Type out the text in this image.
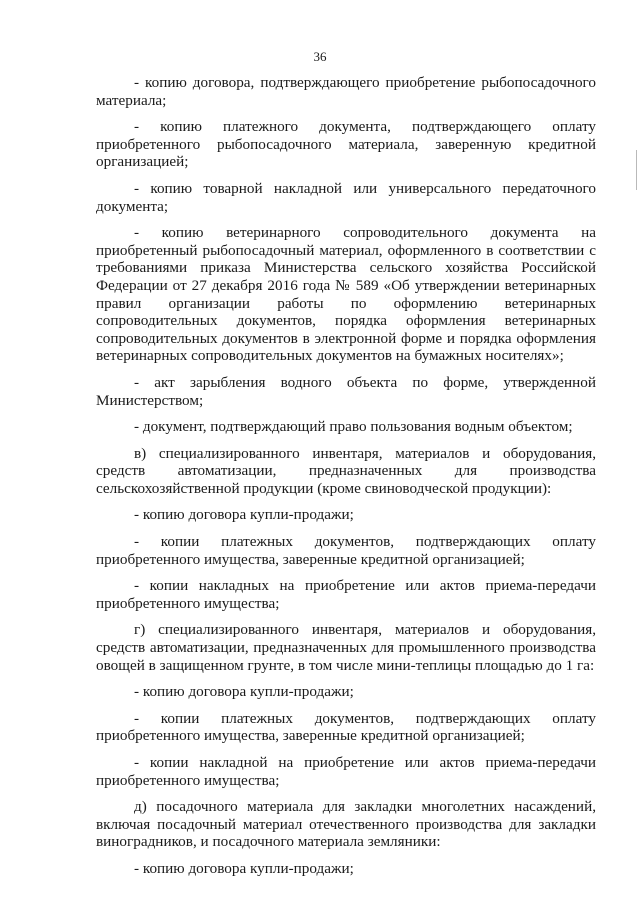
36

- копию договора, подтверждающего приобретение рыбопосадочного материала;

- копию платежного документа, подтверждающего оплату приобретенного рыбопосадочного материала, заверенную кредитной организацией;

- копию товарной накладной или универсального передаточного документа;

- копию ветеринарного сопроводительного документа на приобретенный рыбопосадочный материал, оформленного в соответствии с требованиями приказа Министерства сельского хозяйства Российской Федерации от 27 декабря 2016 года № 589 «Об утверждении ветеринарных правил организации работы по оформлению ветеринарных сопроводительных документов, порядка оформления ветеринарных сопроводительных документов в электронной форме и порядка оформления ветеринарных сопроводительных документов на бумажных носителях»;

- акт зарыбления водного объекта по форме, утвержденной Министерством;

- документ, подтверждающий право пользования водным объектом;

в) специализированного инвентаря, материалов и оборудования, средств автоматизации, предназначенных для производства сельскохозяйственной продукции (кроме свиноводческой продукции):

- копию договора купли-продажи;

- копии платежных документов, подтверждающих оплату приобретенного имущества, заверенные кредитной организацией;

- копии накладных на приобретение или актов приема-передачи приобретенного имущества;

г) специализированного инвентаря, материалов и оборудования, средств автоматизации, предназначенных для промышленного производства овощей в защищенном грунте, в том числе мини-теплицы площадью до 1 га:

- копию договора купли-продажи;

- копии платежных документов, подтверждающих оплату приобретенного имущества, заверенные кредитной организацией;

- копии накладной на приобретение или актов приема-передачи приобретенного имущества;

д) посадочного материала для закладки многолетних насаждений, включая посадочный материал отечественного производства для закладки виноградников, и посадочного материала земляники:

- копию договора купли-продажи;
